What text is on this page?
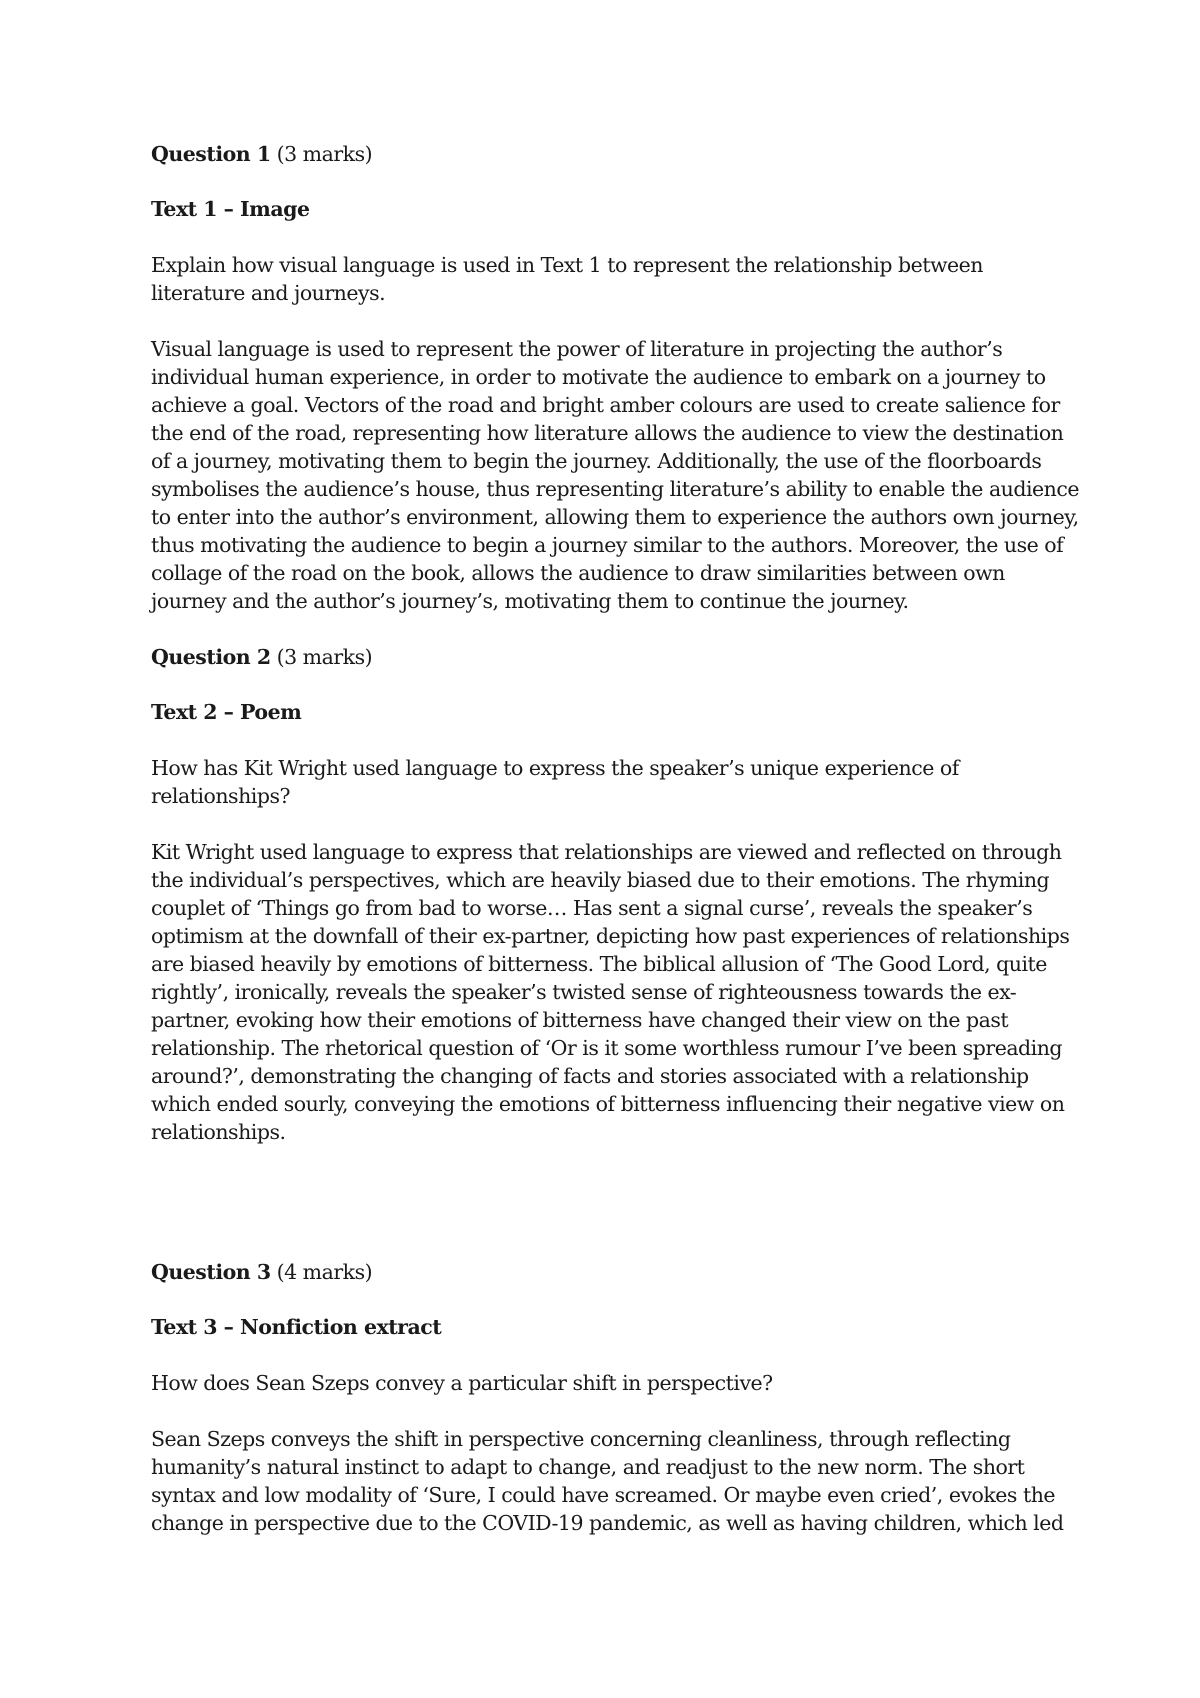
Question 1 (3 marks)

Text 1 – Image

Explain how visual language is used in Text 1 to represent the relationship between literature and journeys.

Visual language is used to represent the power of literature in projecting the author’s individual human experience, in order to motivate the audience to embark on a journey to achieve a goal. Vectors of the road and bright amber colours are used to create salience for the end of the road, representing how literature allows the audience to view the destination of a journey, motivating them to begin the journey. Additionally, the use of the floorboards symbolises the audience’s house, thus representing literature’s ability to enable the audience to enter into the author’s environment, allowing them to experience the authors own journey, thus motivating the audience to begin a journey similar to the authors. Moreover, the use of collage of the road on the book, allows the audience to draw similarities between own journey and the author’s journey’s, motivating them to continue the journey.

Question 2 (3 marks)

Text 2 – Poem

How has Kit Wright used language to express the speaker’s unique experience of relationships?

Kit Wright used language to express that relationships are viewed and reflected on through the individual’s perspectives, which are heavily biased due to their emotions. The rhyming couplet of ‘Things go from bad to worse… Has sent a signal curse’, reveals the speaker’s optimism at the downfall of their ex-partner, depicting how past experiences of relationships are biased heavily by emotions of bitterness. The biblical allusion of ‘The Good Lord, quite rightly’, ironically, reveals the speaker’s twisted sense of righteousness towards the ex-partner, evoking how their emotions of bitterness have changed their view on the past relationship. The rhetorical question of ‘Or is it some worthless rumour I’ve been spreading around?’, demonstrating the changing of facts and stories associated with a relationship which ended sourly, conveying the emotions of bitterness influencing their negative view on relationships.

Question 3 (4 marks)

Text 3 – Nonfiction extract

How does Sean Szeps convey a particular shift in perspective?

Sean Szeps conveys the shift in perspective concerning cleanliness, through reflecting humanity’s natural instinct to adapt to change, and readjust to the new norm. The short syntax and low modality of ‘Sure, I could have screamed. Or maybe even cried’, evokes the change in perspective due to the COVID-19 pandemic, as well as having children, which led
